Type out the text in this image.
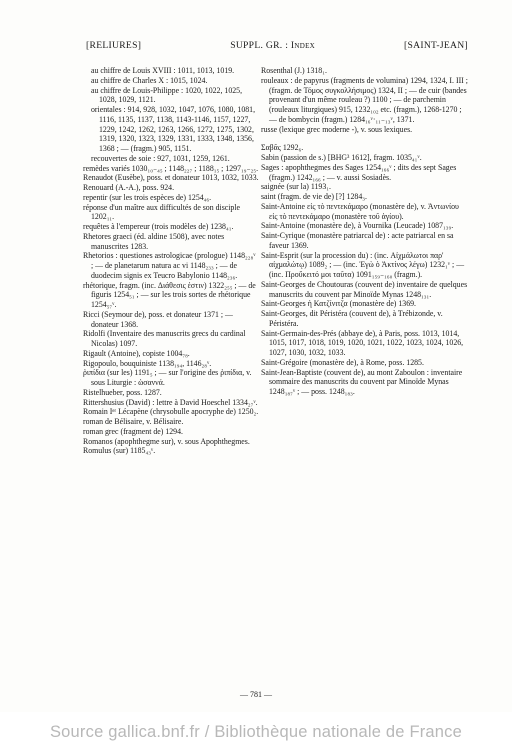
[RELIURES]	SUPPL. GR. : Index	[SAINT-JEAN]

au chiffre de Louis XVIII : 1011, 1013, 1019.

au chiffre de Charles X : 1015, 1024.

au chiffre de Louis-Philippe : 1020, 1022, 1025, 1028, 1029, 1121.

orientales : 914, 928, 1032, 1047, 1076, 1080, 1081, 1116, 1135, 1137, 1138, 1143-1146, 1157, 1227, 1229, 1242, 1262, 1263, 1266, 1272, 1275, 1302, 1319, 1320, 1323, 1329, 1331, 1333, 1348, 1356, 1368 ; — (fragm.) 905, 1151.

recouvertes de soie : 927, 1031, 1259, 1261.

remèdes variés 1030₁₀₋₄₅ ; 1148₂₂₇ ; 1188₁₅ ; 1297₁₉₋₂₅.

Renaudot (Eusèbe), poss. et donateur 1013, 1032, 1033.

Renouard (A.-A.), poss. 924.

repentir (sur les trois espèces de) 1254₄₆.

réponse d'un maître aux difficultés de son disciple 1202₁₁.

requêtes à l'empereur (trois modèles de) 1238₄₁.

Rhetores graeci (éd. aldine 1508), avec notes manuscrites 1283.

Rhetorios : questiones astrologicae (prologue) 1148₂₂₈ᵛ ; — de planetarum natura ac vi 1148₂₃₃ ; — de duodecim signis ex Teucro Babylonio 1148₂₃₆.

rhétorique, fragm. (inc. Διάθεσις ἐστιν) 1322₂₅₅ ; — de figuris 1254₅₁ ; — sur les trois sortes de rhétorique 1254₅₇ᵛ.

Ricci (Seymour de), poss. et donateur 1371 ; — donateur 1368.

Ridolfi (Inventaire des manuscrits grecs du cardinal Nicolas) 1097.

Rigault (Antoine), copiste 1004₇₈.

Rigopoulo, bouquiniste 1138₁₉₄, 1146₂₈ᵛ.

ῥιπίδια (sur les) 1191₅ ; — sur l'origine des ῥιπίδια, v. sous Liturgie : ὡσαννά.

Ristelhueber, poss. 1287.

Rittershusius (David) : lettre à David Hoeschel 1334₂₇ᵛ.

Romain Iᵉʳ Lécapène (chrysobulle apocryphe de) 1250₂.

roman de Bélisaire, v. Bélisaire.

roman grec (fragment de) 1294.

Romanos (apophthegme sur), v. sous Apophthegmes.

Romulus (sur) 1185₄₃ᵛ.

Rosenthal (J.) 1318₁.

rouleaux : de papyrus (fragments de volumina) 1294, 1324, I. III ; (fragm. de Τόμος συγκολλήσιμος) 1324, II ; — de cuir (bandes provenant d'un même rouleau ?) 1100 ; — de parchemin (rouleaux liturgiques) 915, 1232₁₀₂ etc. (fragm.), 1268-1270 ; — de bombycin (fragm.) 1284₁₆ᵛ·₁₁₋₁₃ᵛ, 1371.

russe (lexique grec moderne -), v. sous lexiques.

Σαβᾶς 1292₆.

Sabin (passion de s.) [BHG³ 1612], fragm. 1035₄₁ᵛ.

Sages : apophthegmes des Sages 1254₁₆₆ᵛ ; dits des sept Sages (fragm.) 1242₁₆₆ ; — v. aussi Sosiadès.

saignée (sur la) 1193₁.

saint (fragm. de vie de) [?] 1284₃.

Saint-Antoine εἰς τὸ πεντεκάμαρο (monastère de), v. Ἀντωνίου εἰς τὸ πεντεκάμαρο (monastère τοῦ ἁγίου).

Saint-Antoine (monastère de), à Vournika (Leucade) 1087₁₃₉.

Saint-Cyrique (monastère patriarcal de) : acte patriarcal en sa faveur 1369.

Saint-Esprit (sur la procession du) : (inc. Αἰχμάλωτοι παρ' αἰχμαλώτῳ) 1089₂ ; — (inc. Ἐγὼ ὁ Ἀκτίνος λέγω) 1232₁ᵛ ; — (inc. Προὔκειτό μοι ταῦτα) 1091₁₅₉₋₁₆₀ (fragm.).

Saint-Georges de Choutouras (couvent de) inventaire de quelques manuscrits du couvent par Minoïde Mynas 1248₁₃₁.

Saint-Georges ἡ Κατζίνιτζα (monastère de) 1369.

Saint-Georges, dit Péristéra (couvent de), à Trébizonde, v. Péristéra.

Saint-Germain-des-Prés (abbaye de), à Paris, poss. 1013, 1014, 1015, 1017, 1018, 1019, 1020, 1021, 1022, 1023, 1024, 1026, 1027, 1030, 1032, 1033.

Saint-Grégoire (monastère de), à Rome, poss. 1285.

Saint-Jean-Baptiste (couvent de), au mont Zaboulon : inventaire sommaire des manuscrits du couvent par Minoïde Mynas 1248₁₈₇ᵛ ; — poss. 1248₁₈₃.

— 781 —
Source gallica.bnf.fr / Bibliothèque nationale de France
